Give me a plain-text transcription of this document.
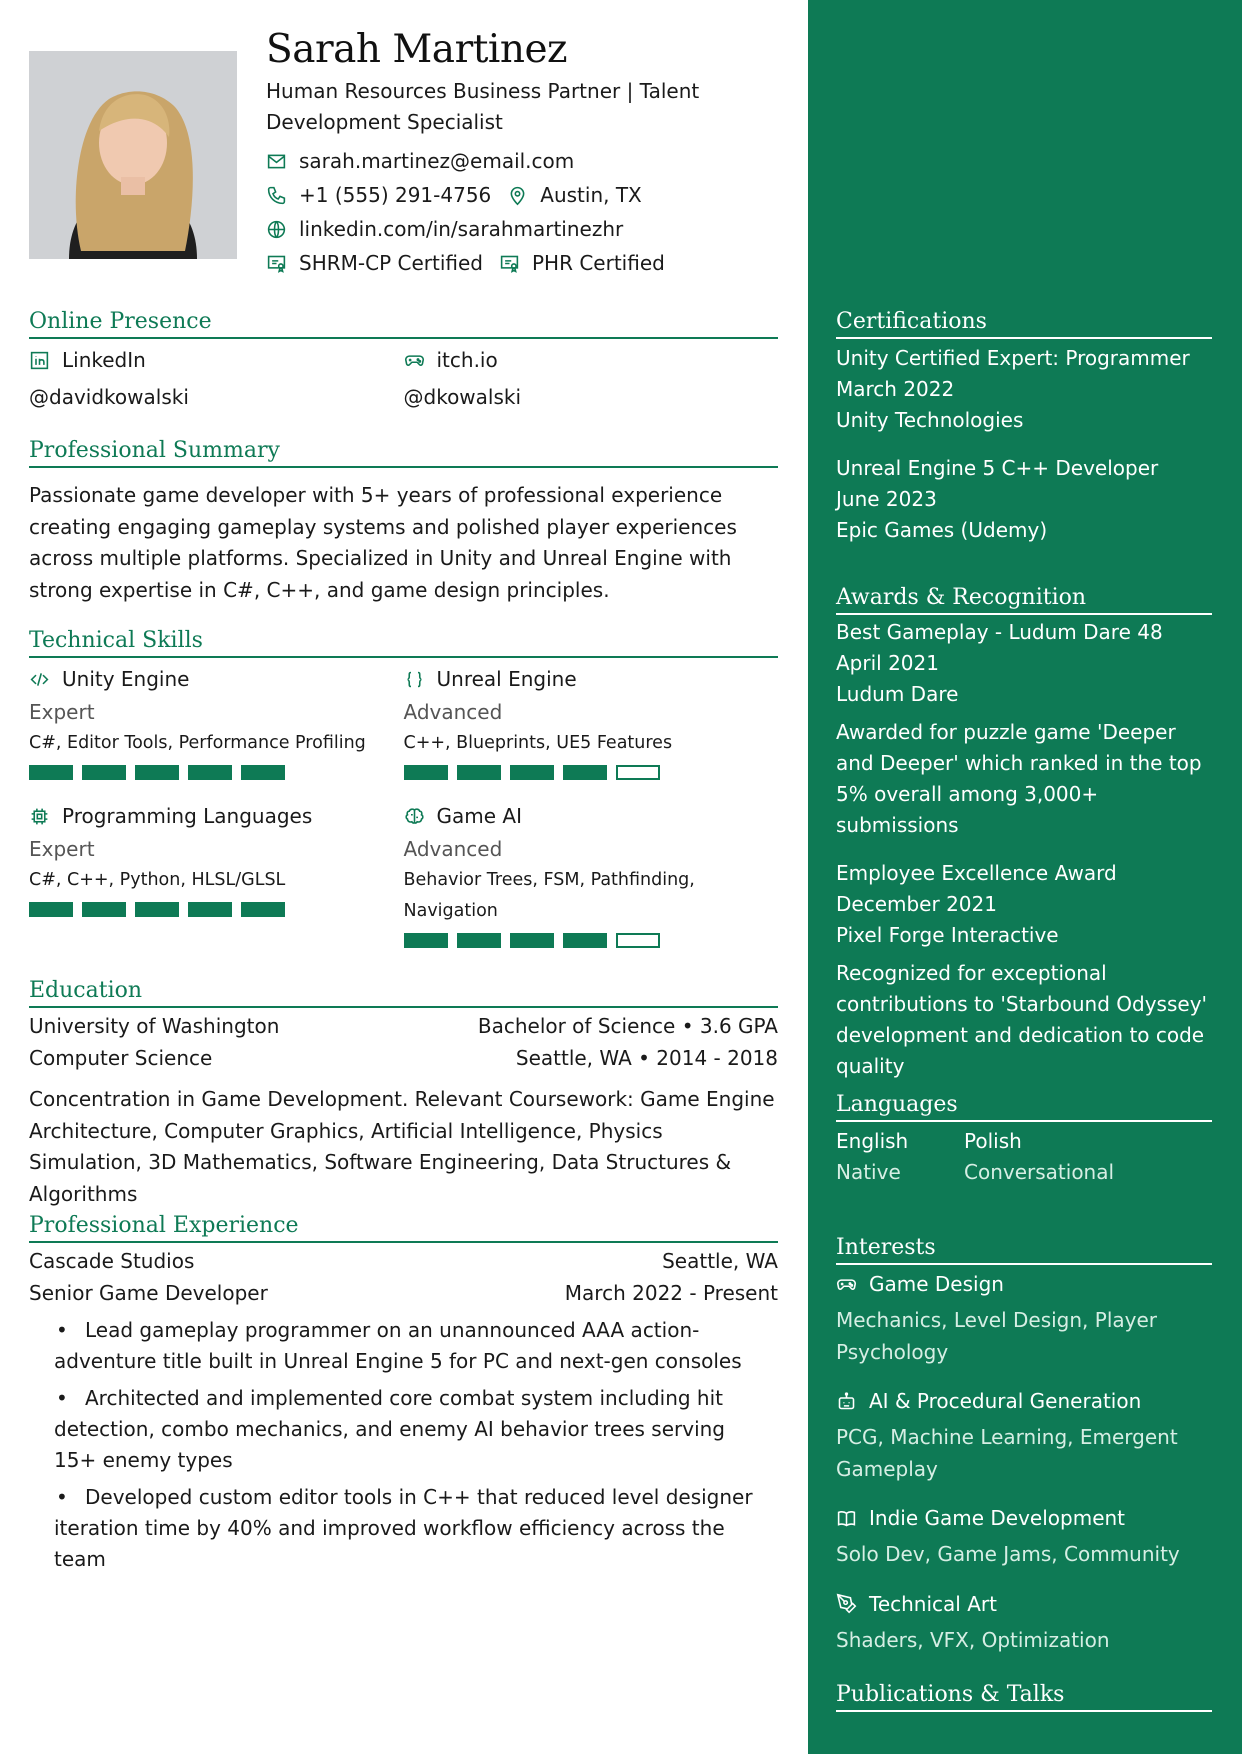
Sarah Martinez
Human Resources Business Partner | Talent Development Specialist
sarah.martinez@email.com
+1 (555) 291-4756 Austin, TX
linkedin.com/in/sarahmartinezhr
SHRM-CP Certified PHR Certified
Online Presence
LinkedIn
@davidkowalski
itch.io
@dkowalski
Professional Summary
Passionate game developer with 5+ years of professional experience creating engaging gameplay systems and polished player experiences across multiple platforms. Specialized in Unity and Unreal Engine with strong expertise in C#, C++, and game design principles.
Technical Skills
Unity Engine
Expert
C#, Editor Tools, Performance Profiling
Unreal Engine
Advanced
C++, Blueprints, UE5 Features
Programming Languages
Expert
C#, C++, Python, HLSL/GLSL
Game AI
Advanced
Behavior Trees, FSM, Pathfinding, Navigation
Education
University of Washington	Bachelor of Science • 3.6 GPA
Computer Science	Seattle, WA • 2014 - 2018
Concentration in Game Development. Relevant Coursework: Game Engine Architecture, Computer Graphics, Artificial Intelligence, Physics Simulation, 3D Mathematics, Software Engineering, Data Structures & Algorithms
Professional Experience
Cascade Studios	Seattle, WA
Senior Game Developer	March 2022 - Present
• Lead gameplay programmer on an unannounced AAA action-adventure title built in Unreal Engine 5 for PC and next-gen consoles
• Architected and implemented core combat system including hit detection, combo mechanics, and enemy AI behavior trees serving 15+ enemy types
• Developed custom editor tools in C++ that reduced level designer iteration time by 40% and improved workflow efficiency across the team
Certifications
Unity Certified Expert: Programmer
March 2022
Unity Technologies
Unreal Engine 5 C++ Developer
June 2023
Epic Games (Udemy)
Awards & Recognition
Best Gameplay - Ludum Dare 48
April 2021
Ludum Dare
Awarded for puzzle game 'Deeper and Deeper' which ranked in the top 5% overall among 3,000+ submissions
Employee Excellence Award
December 2021
Pixel Forge Interactive
Recognized for exceptional contributions to 'Starbound Odyssey' development and dedication to code quality
Languages
English
Native
Polish
Conversational
Interests
Game Design
Mechanics, Level Design, Player Psychology
AI & Procedural Generation
PCG, Machine Learning, Emergent Gameplay
Indie Game Development
Solo Dev, Game Jams, Community
Technical Art
Shaders, VFX, Optimization
Publications & Talks
